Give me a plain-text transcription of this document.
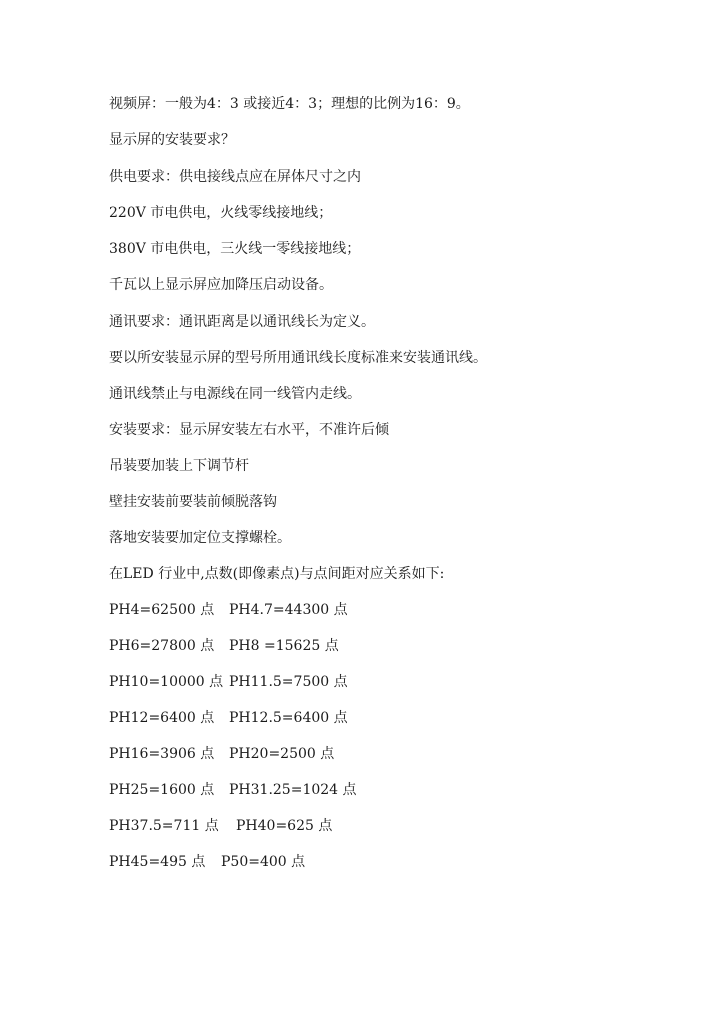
视频屏：一般为4：3 或接近4：3；理想的比例为16：9。
显示屏的安装要求？
供电要求：供电接线点应在屏体尺寸之内
220V 市电供电，火线零线接地线；
380V 市电供电，三火线一零线接地线；
千瓦以上显示屏应加降压启动设备。
通讯要求：通讯距离是以通讯线长为定义。
要以所安装显示屏的型号所用通讯线长度标准来安装通讯线。
通讯线禁止与电源线在同一线管内走线。
安装要求：显示屏安装左右水平，不准许后倾
吊装要加装上下调节杆
壁挂安装前要装前倾脱落钩
落地安装要加定位支撑螺栓。
在LED 行业中,点数(即像素点)与点间距对应关系如下:
PH4=62500 点 PH4.7=44300 点
PH6=27800 点 PH8 =15625 点
PH10=10000 点 PH11.5=7500 点
PH12=6400 点 PH12.5=6400 点
PH16=3906 点 PH20=2500 点
PH25=1600 点 PH31.25=1024 点
PH37.5=711 点 PH40=625 点
PH45=495 点 P50=400 点
